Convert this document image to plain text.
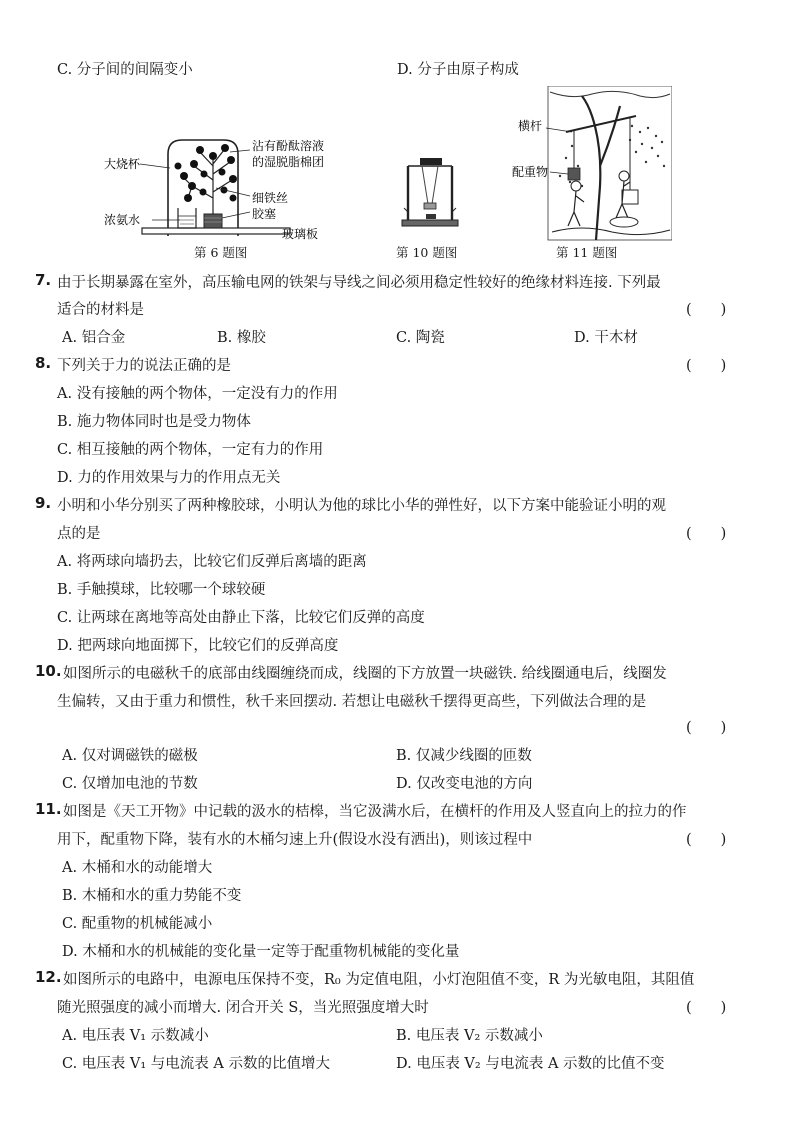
C. 分子间的间隔变小	D. 分子由原子构成
大烧杯
沾有酚酞溶液
的湿脱脂棉团
细铁丝
胶塞
浓氨水
玻璃板
第 6 题图	第 10 题图
横杆
配重物
第 11 题图
7. 由于长期暴露在室外，高压输电网的铁架与导线之间必须用稳定性较好的绝缘材料连接. 下列最
适合的材料是	(　　)
A. 铝合金	B. 橡胶	C. 陶瓷	D. 干木材
8. 下列关于力的说法正确的是	(　　)
A. 没有接触的两个物体，一定没有力的作用
B. 施力物体同时也是受力物体
C. 相互接触的两个物体，一定有力的作用
D. 力的作用效果与力的作用点无关
9. 小明和小华分别买了两种橡胶球，小明认为他的球比小华的弹性好，以下方案中能验证小明的观
点的是	(　　)
A. 将两球向墙扔去，比较它们反弹后离墙的距离
B. 手触摸球，比较哪一个球较硬
C. 让两球在离地等高处由静止下落，比较它们反弹的高度
D. 把两球向地面掷下，比较它们的反弹高度
10. 如图所示的电磁秋千的底部由线圈缠绕而成，线圈的下方放置一块磁铁. 给线圈通电后，线圈发
生偏转，又由于重力和惯性，秋千来回摆动. 若想让电磁秋千摆得更高些，下列做法合理的是
(　　)
A. 仅对调磁铁的磁极	B. 仅减少线圈的匝数
C. 仅增加电池的节数	D. 仅改变电池的方向
11. 如图是《天工开物》中记载的汲水的桔槔，当它汲满水后，在横杆的作用及人竖直向上的拉力的作
用下，配重物下降，装有水的木桶匀速上升(假设水没有洒出)，则该过程中	(　　)
A. 木桶和水的动能增大
B. 木桶和水的重力势能不变
C. 配重物的机械能减小
D. 木桶和水的机械能的变化量一定等于配重物机械能的变化量
12. 如图所示的电路中，电源电压保持不变，R₀ 为定值电阻，小灯泡阻值不变，R 为光敏电阻，其阻值
随光照强度的减小而增大. 闭合开关 S，当光照强度增大时	(　　)
A. 电压表 V₁ 示数减小	B. 电压表 V₂ 示数减小
C. 电压表 V₁ 与电流表 A 示数的比值增大	D. 电压表 V₂ 与电流表 A 示数的比值不变
